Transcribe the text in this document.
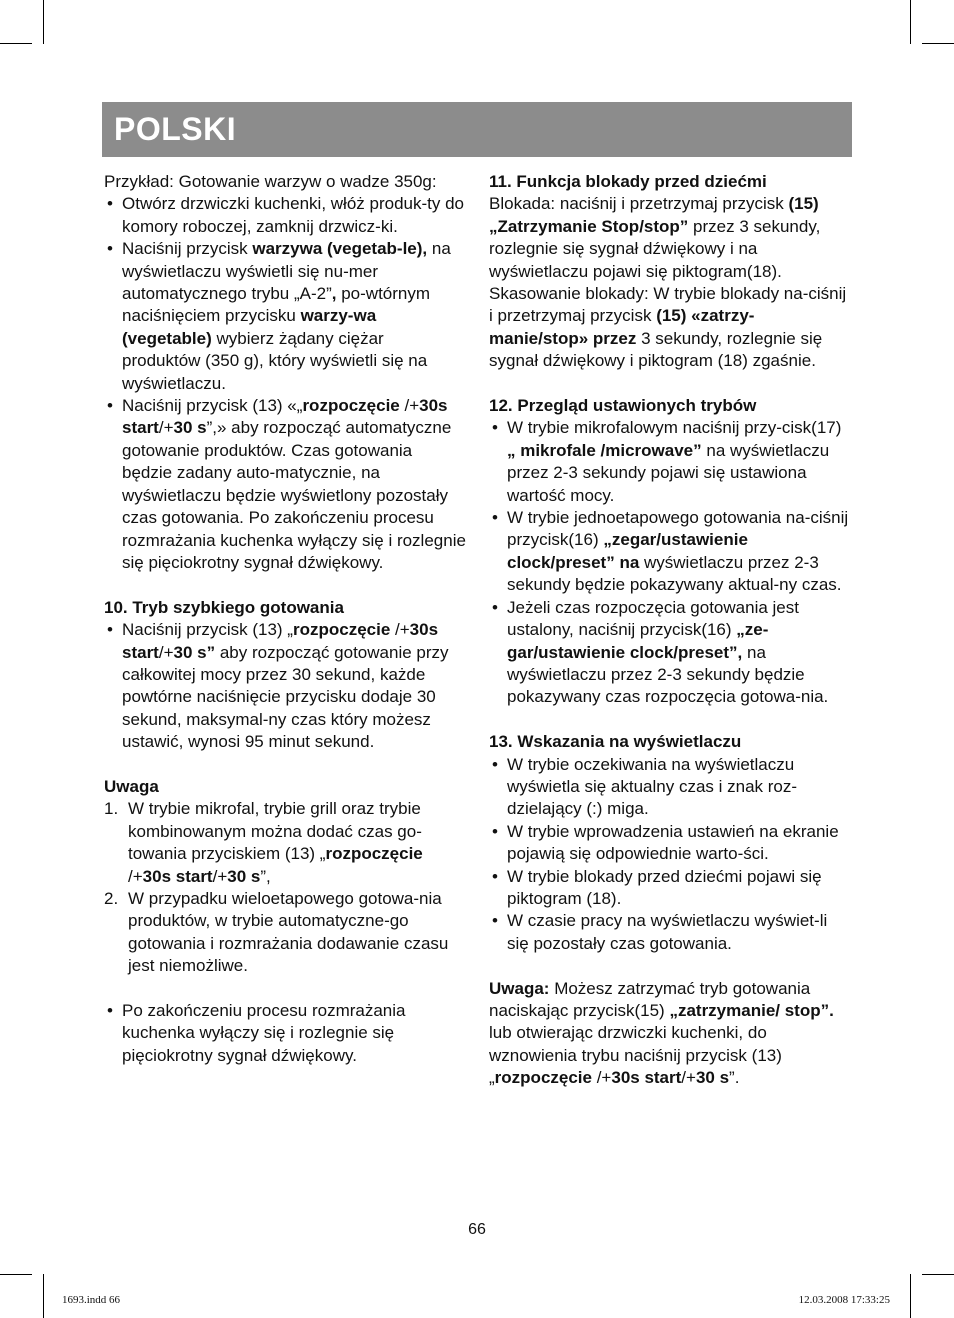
POLSKI

Przykład: Gotowanie warzyw o wadze 350g:

• Otwórz drzwiczki kuchenki, włóż produk-ty do komory roboczej, zamknij drzwicz-ki.
• Naciśnij przycisk warzywa (vegetab-le), na wyświetlaczu wyświetli się nu-mer automatycznego trybu „A-2”, po-wtórnym naciśnięciem przycisku warzy-wa (vegetable) wybierz żądany ciężar produktów (350 g), który wyświetli się na wyświetlaczu.
• Naciśnij przycisk (13) «„rozpoczęcie /+30s start/+30 s”,» aby rozpocząć automatyczne gotowanie produktów. Czas gotowania będzie zadany auto-matycznie, na wyświetlaczu będzie wyświetlony pozostały czas gotowania. Po zakończeniu procesu rozmrażania kuchenka wyłączy się i rozlegnie się pięciokrotny sygnał dźwiękowy.

10. Tryb szybkiego gotowania

• Naciśnij przycisk (13) „rozpoczęcie /+30s start/+30 s” aby rozpocząć gotowanie przy całkowitej mocy przez 30 sekund, każde powtórne naciśnięcie przycisku dodaje 30 sekund, maksymal-ny czas który możesz ustawić, wynosi 95 minut sekund.

Uwaga

1. W trybie mikrofal, trybie grill oraz trybie kombinowanym można dodać czas go-towania przyciskiem (13) „rozpoczęcie /+30s start/+30 s”,
2. W przypadku wieloetapowego gotowa-nia produktów, w trybie automatyczne-go gotowania i rozmrażania dodawanie czasu jest niemożliwe.
• Po zakończeniu procesu rozmrażania kuchenka wyłączy się i rozlegnie się pięciokrotny sygnał dźwiękowy.

11. Funkcja blokady przed dziećmi

Blokada: naciśnij i przetrzymaj przycisk (15) „Zatrzymanie Stop/stop” przez 3 sekundy, rozlegnie się sygnał dźwiękowy i na wyświetlaczu pojawi się piktogram(18).

Skasowanie blokady: W trybie blokady na-ciśnij i przetrzymaj przycisk (15) «zatrzy-manie/stop» przez 3 sekundy, rozlegnie się sygnał dźwiękowy i piktogram (18) zgaśnie.

12. Przegląd ustawionych trybów

• W trybie mikrofalowym naciśnij przy-cisk(17) „ mikrofale /microwave” na wyświetlaczu przez 2-3 sekundy pojawi się ustawiona wartość mocy.
• W trybie jednoetapowego gotowania na-ciśnij przycisk(16) „zegar/ustawienie clock/preset” na wyświetlaczu przez 2-3 sekundy będzie pokazywany aktual-ny czas.
• Jeżeli czas rozpoczęcia gotowania jest ustalony, naciśnij przycisk(16) „ze-gar/ustawienie clock/preset”, na wyświetlaczu przez 2-3 sekundy będzie pokazywany czas rozpoczęcia gotowa-nia.

13. Wskazania na wyświetlaczu

• W trybie oczekiwania na wyświetlaczu wyświetla się aktualny czas i znak roz-dzielający (:) miga.
• W trybie wprowadzenia ustawień na ekranie pojawią się odpowiednie warto-ści.
• W trybie blokady przed dziećmi pojawi się piktogram (18).
• W czasie pracy na wyświetlaczu wyświet-li się pozostały czas gotowania.

Uwaga: Możesz zatrzymać tryb gotowania naciskając przycisk(15) „zatrzymanie/ stop”.

lub otwierając drzwiczki kuchenki, do wznowienia trybu naciśnij przycisk (13) „rozpoczęcie /+30s start/+30 s”.

66
1693.indd 66	12.03.2008 17:33:25
